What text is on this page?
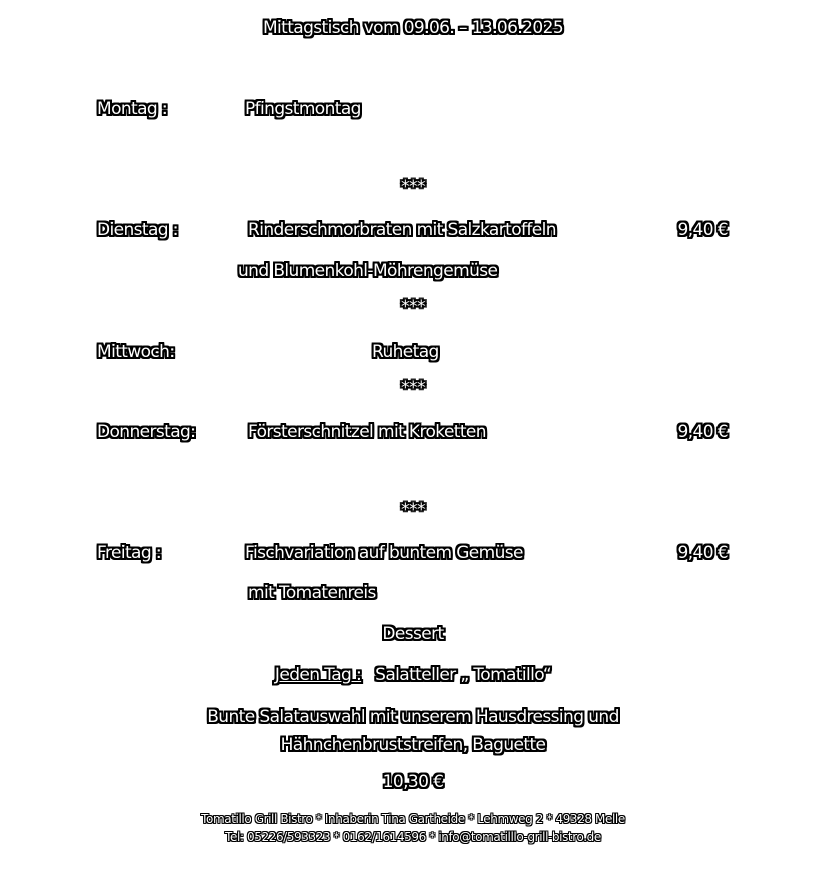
Mittagstisch vom 09.06. – 13.06.2025
Montag :	Pfingstmontag
***
Dienstag :	Rinderschmorbraten mit Salzkartoffeln	9,40 €
und Blumenkohl-Möhrengemüse
***
Mittwoch:	Ruhetag
***
Donnerstag:	Försterschnitzel mit Kroketten	9,40 €
***
Freitag :	Fischvariation auf buntem Gemüse	9,40 €
mit Tomatenreis
Dessert
Jeden Tag : Salatteller „ Tomatillo“
Bunte Salatauswahl mit unserem Hausdressing und
Hähnchenbruststreifen, Baguette
10,30 €
Tomatillo Grill Bistro * Inhaberin Tina Gartheide * Lehmweg 2 * 49328 Melle
Tel: 05226/593323 * 0162/1614596 * info@tomatilllo-grill-bistro.de
